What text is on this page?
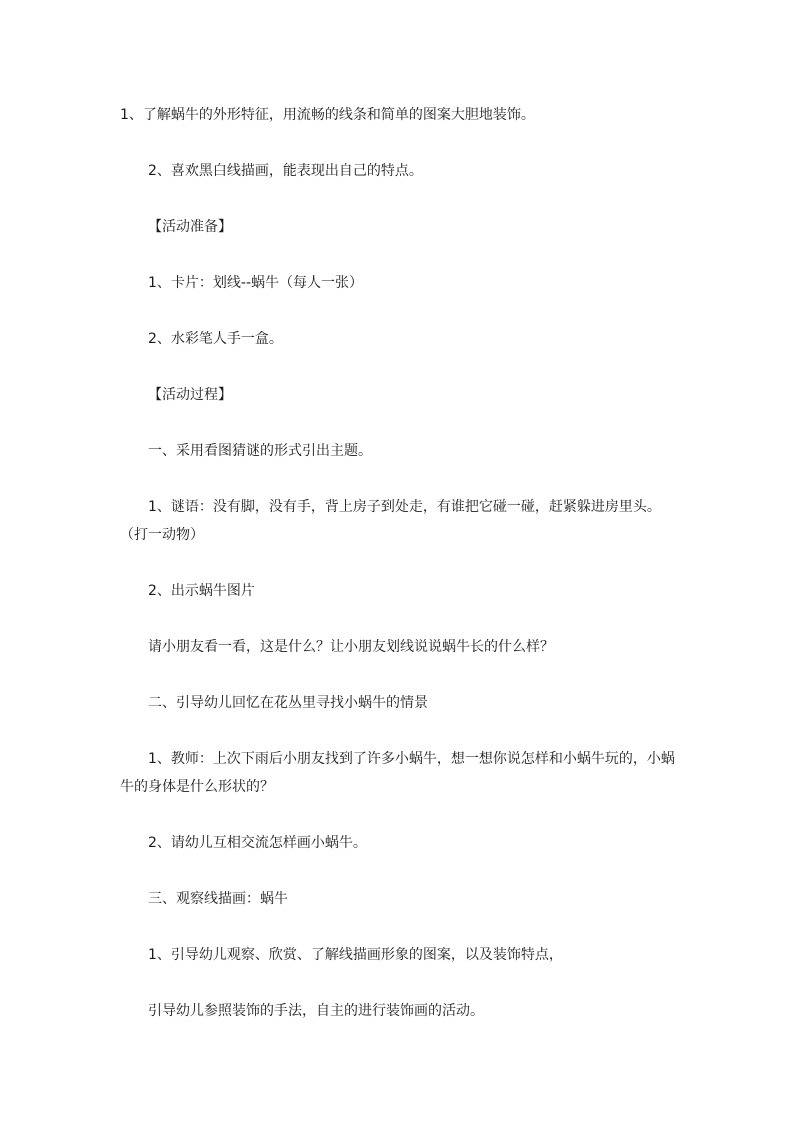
1、了解蜗牛的外形特征，用流畅的线条和简单的图案大胆地装饰。

2、喜欢黑白线描画，能表现出自己的特点。

【活动准备】

1、卡片：划线--蜗牛（每人一张）

2、水彩笔人手一盒。

【活动过程】

一、采用看图猜谜的形式引出主题。

1、谜语：没有脚，没有手，背上房子到处走，有谁把它碰一碰，赶紧躲进房里头。（打一动物）

2、出示蜗牛图片

请小朋友看一看，这是什么？让小朋友划线说说蜗牛长的什么样？

二、引导幼儿回忆在花丛里寻找小蜗牛的情景

1、教师：上次下雨后小朋友找到了许多小蜗牛，想一想你说怎样和小蜗牛玩的，小蜗牛的身体是什么形状的？

2、请幼儿互相交流怎样画小蜗牛。

三、观察线描画：蜗牛

1、引导幼儿观察、欣赏、了解线描画形象的图案，以及装饰特点，

引导幼儿参照装饰的手法，自主的进行装饰画的活动。
